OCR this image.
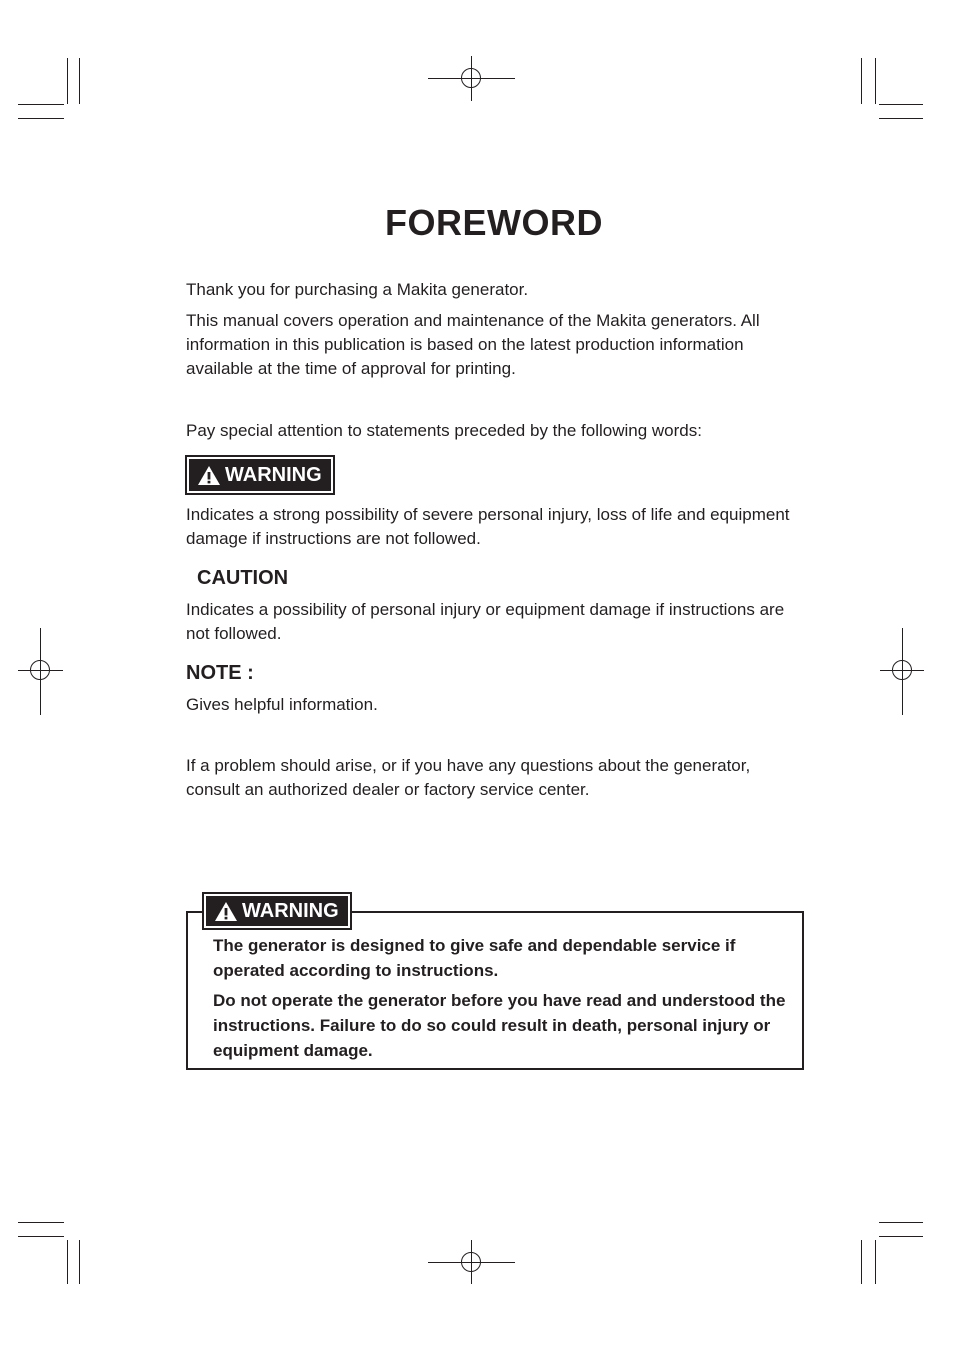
FOREWORD

Thank you for purchasing a Makita generator.

This manual covers operation and maintenance of the Makita generators. All information in this publication is based on the latest production information available at the time of approval for printing.

Pay special attention to statements preceded by the following words:

WARNING

Indicates a strong possibility of severe personal injury, loss of life and equipment damage if instructions are not followed.

CAUTION

Indicates a possibility of personal injury or equipment damage if instructions are not followed.

NOTE :

Gives helpful information.

If a problem should arise, or if you have any questions about the generator, consult an authorized dealer or factory service center.

WARNING

The generator is designed to give safe and dependable service if operated according to instructions.

Do not operate the generator before you have read and understood the instructions. Failure to do so could result in death, personal injury or equipment damage.
